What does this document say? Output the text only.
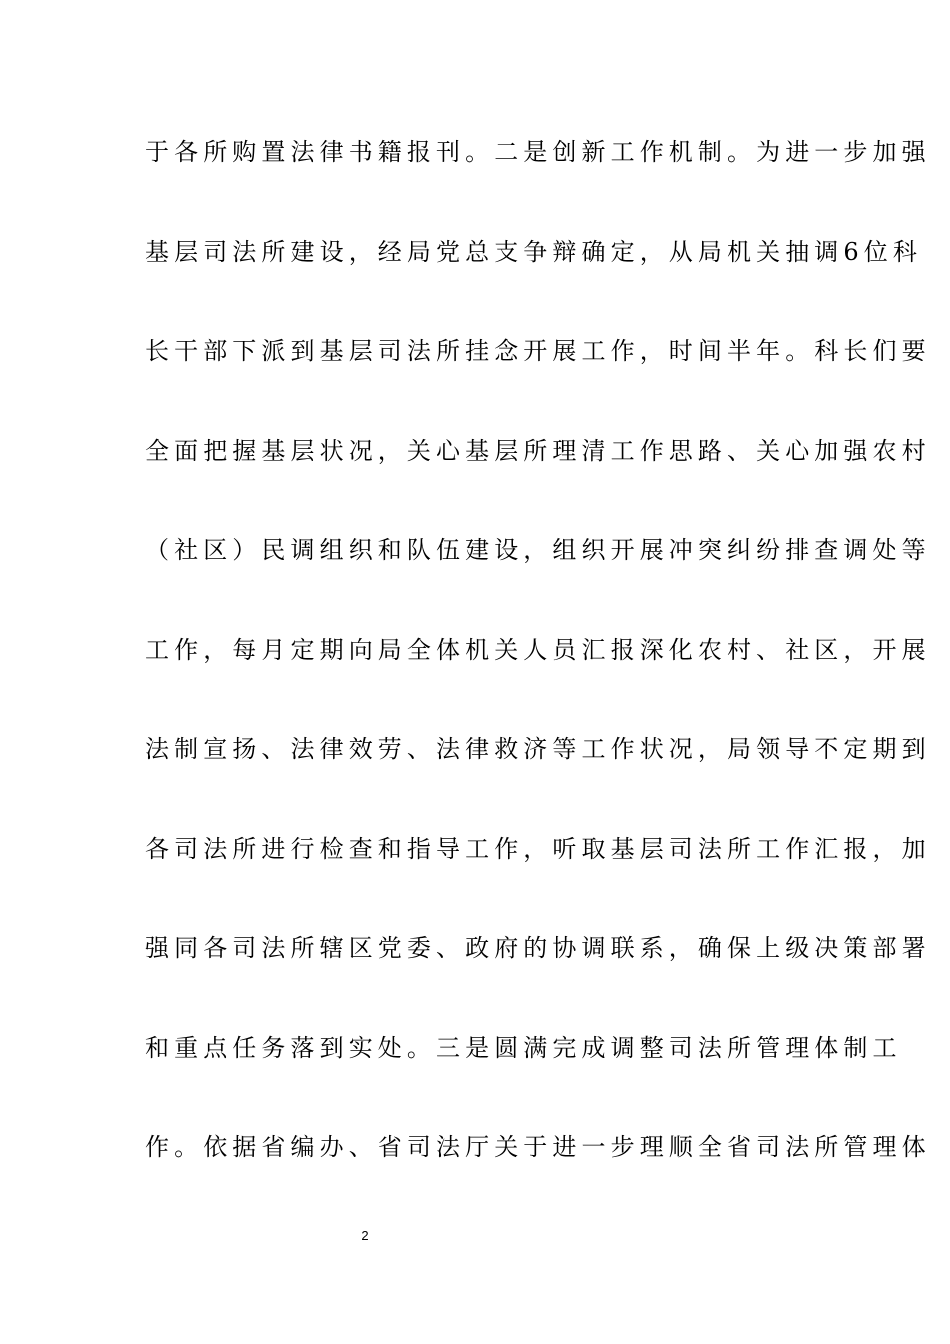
于各所购置法律书籍报刊。二是创新工作机制。为进一步加强
基层司法所建设，经局党总支争辩确定，从局机关抽调6位科
长干部下派到基层司法所挂念开展工作，时间半年。科长们要
全面把握基层状况，关心基层所理清工作思路、关心加强农村
（社区）民调组织和队伍建设，组织开展冲突纠纷排查调处等
工作，每月定期向局全体机关人员汇报深化农村、社区，开展
法制宣扬、法律效劳、法律救济等工作状况，局领导不定期到
各司法所进行检查和指导工作，听取基层司法所工作汇报，加
强同各司法所辖区党委、政府的协调联系，确保上级决策部署
和重点任务落到实处。三是圆满完成调整司法所管理体制工
作。依据省编办、省司法厅关于进一步理顺全省司法所管理体
2
